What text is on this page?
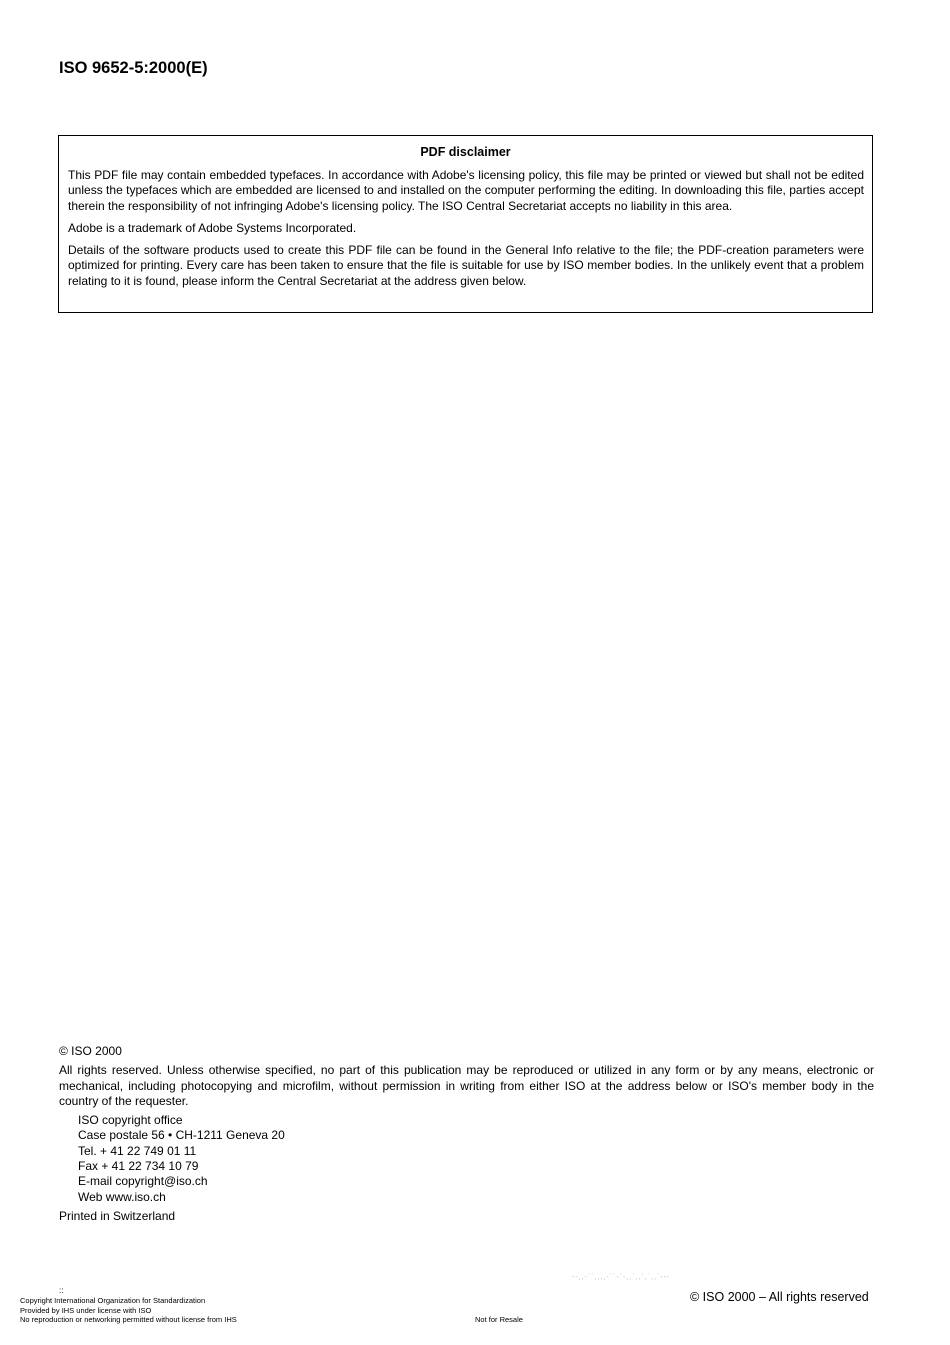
ISO 9652-5:2000(E)
PDF disclaimer

This PDF file may contain embedded typefaces. In accordance with Adobe's licensing policy, this file may be printed or viewed but shall not be edited unless the typefaces which are embedded are licensed to and installed on the computer performing the editing. In downloading this file, parties accept therein the responsibility of not infringing Adobe's licensing policy. The ISO Central Secretariat accepts no liability in this area.

Adobe is a trademark of Adobe Systems Incorporated.

Details of the software products used to create this PDF file can be found in the General Info relative to the file; the PDF-creation parameters were optimized for printing. Every care has been taken to ensure that the file is suitable for use by ISO member bodies. In the unlikely event that a problem relating to it is found, please inform the Central Secretariat at the address given below.

© ISO 2000

All rights reserved. Unless otherwise specified, no part of this publication may be reproduced or utilized in any form or by any means, electronic or mechanical, including photocopying and microfilm, without permission in writing from either ISO at the address below or ISO's member body in the country of the requester.

ISO copyright office
Case postale 56 • CH-1211 Geneva 20
Tel. + 41 22 749 01 11
Fax + 41 22 734 10 79
E-mail copyright@iso.ch
Web www.iso.ch

Printed in Switzerland

--,,-``,,,,-``-`-,,`,,`,`,,`---
::
Copyright International Organization for Standardization
Provided by IHS under license with ISO
No reproduction or networking permitted without license from IHS	Not for Resale
© ISO 2000 – All rights reserved
